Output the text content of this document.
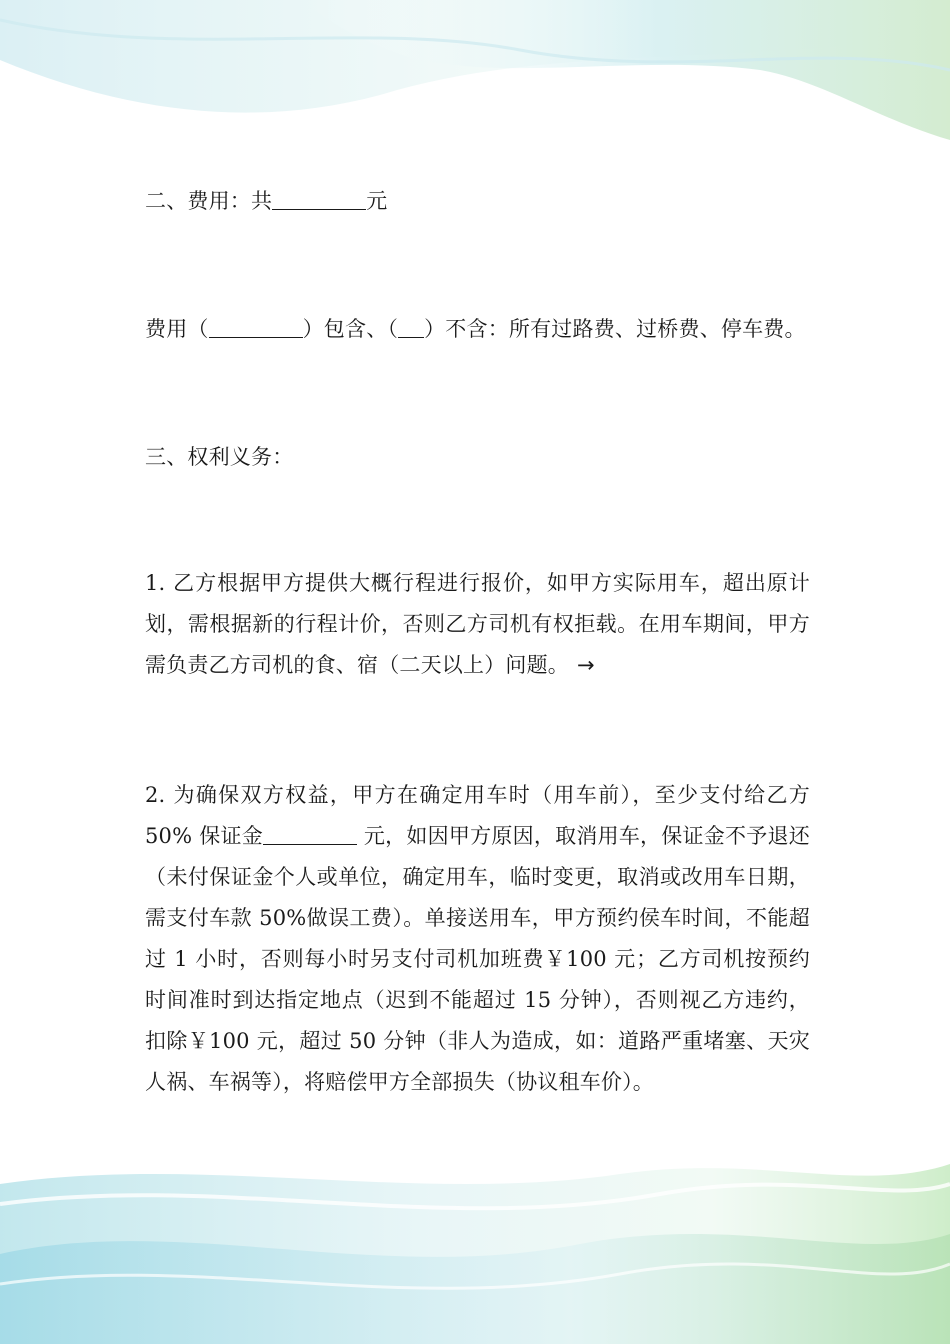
二、费用：共	元
费用（	）包含、（ ）不含：所有过路费、过桥费、停车费。
三、权利义务：

1. 乙方根据甲方提供大概行程进行报价，如甲方实际用车，超出原计划，需根据新的行程计价，否则乙方司机有权拒载。在用车期间，甲方需负责乙方司机的食、宿（二天以上）问题。 →

2. 为确保双方权益，甲方在确定用车时（用车前），至少支付给乙方 50% 保证金	元，如因甲方原因，取消用车，保证金不予退还（未付保证金个人或单位，确定用车，临时变更，取消或改用车日期，需支付车款 50%做误工费）。单接送用车，甲方预约侯车时间，不能超过 1 小时，否则每小时另支付司机加班费￥100 元；乙方司机按预约时间准时到达指定地点（迟到不能超过 15 分钟），否则视乙方违约，扣除￥100 元，超过 50 分钟（非人为造成，如：道路严重堵塞、天灾人祸、车祸等），将赔偿甲方全部损失（协议租车价）。
